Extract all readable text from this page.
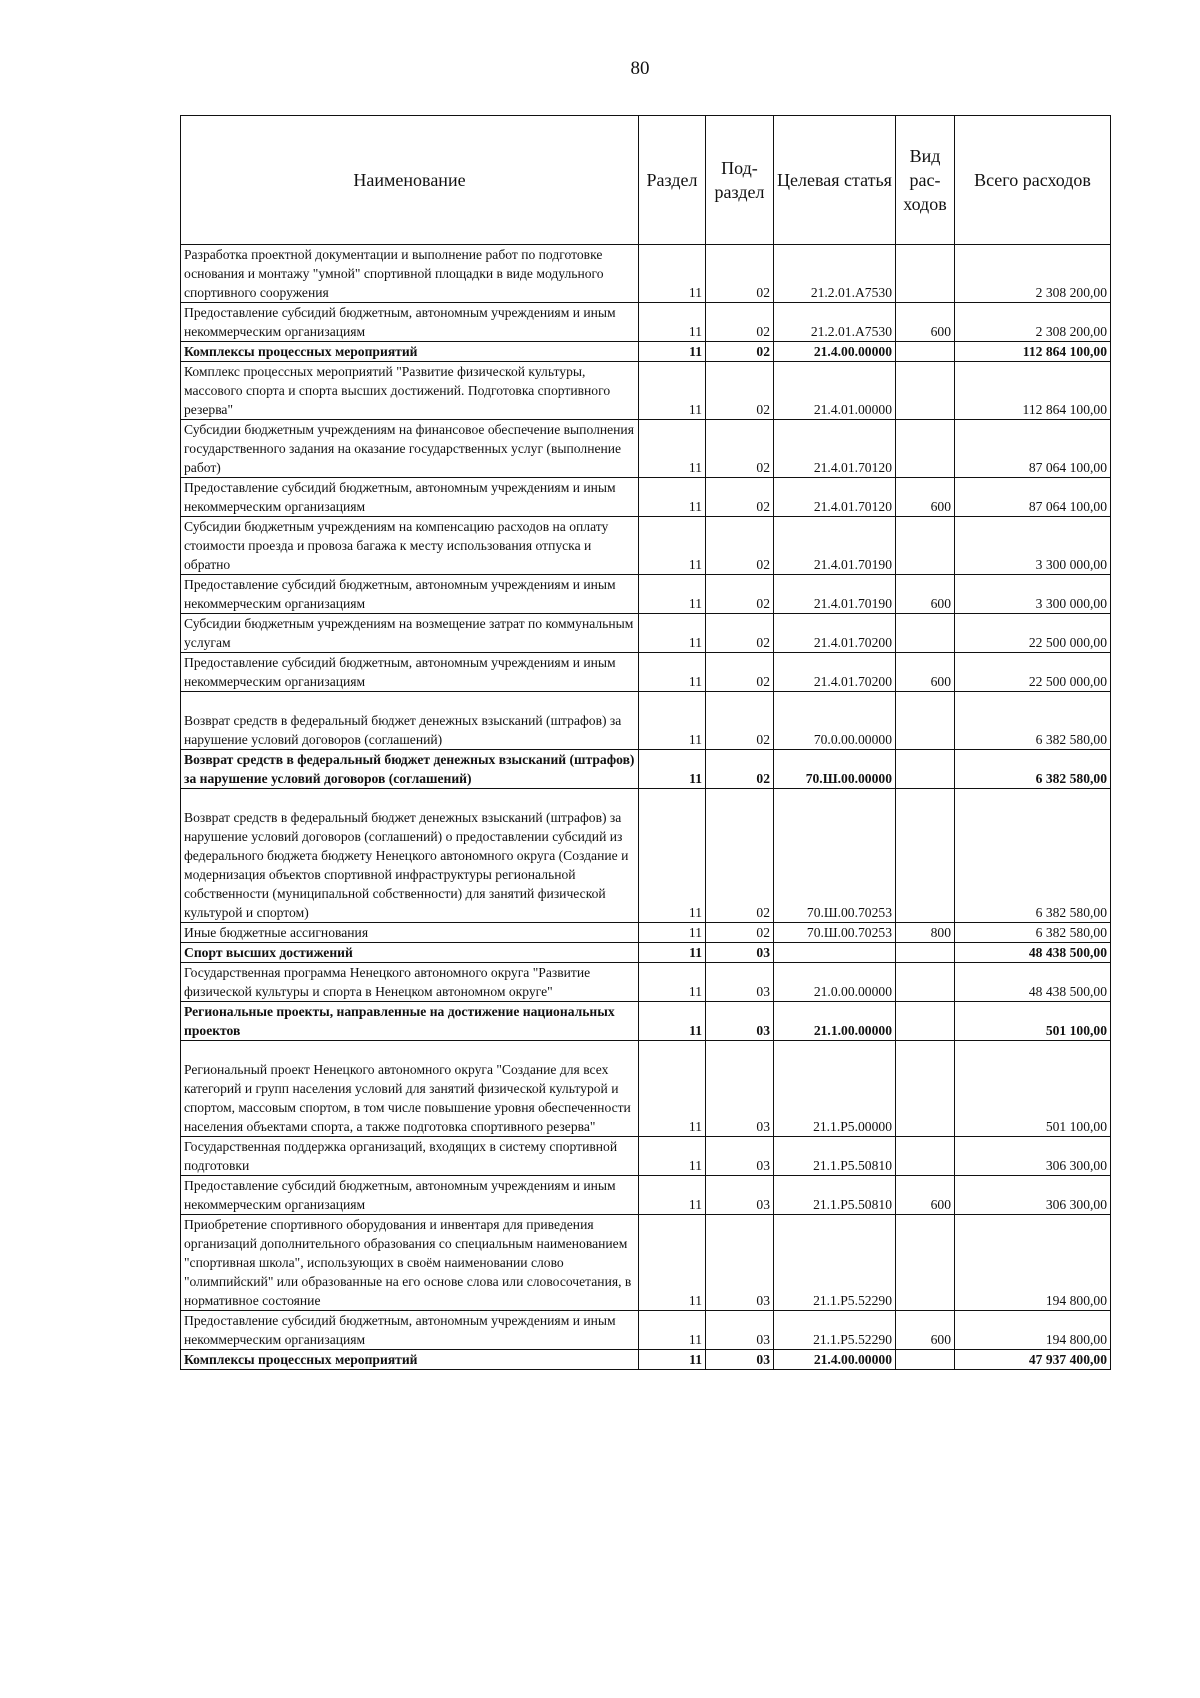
80
Наименование	Раздел	Под-раздел	Целевая статья	Вид рас-ходов	Всего расходов
Разработка проектной документации и выполнение работ по подготовке основания и монтажу "умной" спортивной площадки в виде модульного спортивного сооружения	11	02	21.2.01.А7530		2 308 200,00
Предоставление субсидий бюджетным, автономным учреждениям и иным некоммерческим организациям	11	02	21.2.01.А7530	600	2 308 200,00
Комплексы процессных мероприятий	11	02	21.4.00.00000		112 864 100,00
Комплекс процессных мероприятий "Развитие физической культуры, массового спорта и спорта высших достижений. Подготовка спортивного резерва"	11	02	21.4.01.00000		112 864 100,00
Субсидии бюджетным учреждениям на финансовое обеспечение выполнения государственного задания на оказание государственных услуг (выполнение работ)	11	02	21.4.01.70120		87 064 100,00
Предоставление субсидий бюджетным, автономным учреждениям и иным некоммерческим организациям	11	02	21.4.01.70120	600	87 064 100,00
Субсидии бюджетным учреждениям на компенсацию расходов на оплату стоимости проезда и провоза багажа к месту использования отпуска и обратно	11	02	21.4.01.70190		3 300 000,00
Предоставление субсидий бюджетным, автономным учреждениям и иным некоммерческим организациям	11	02	21.4.01.70190	600	3 300 000,00
Субсидии бюджетным учреждениям на возмещение затрат по коммунальным услугам	11	02	21.4.01.70200		22 500 000,00
Предоставление субсидий бюджетным, автономным учреждениям и иным некоммерческим организациям	11	02	21.4.01.70200	600	22 500 000,00
Возврат средств в федеральный бюджет денежных взысканий (штрафов) за нарушение условий договоров (соглашений)	11	02	70.0.00.00000		6 382 580,00
Возврат средств в федеральный бюджет денежных взысканий (штрафов) за нарушение условий договоров (соглашений)	11	02	70.Ш.00.00000		6 382 580,00
Возврат средств в федеральный бюджет денежных взысканий (штрафов) за нарушение условий договоров (соглашений) о предоставлении субсидий из федерального бюджета бюджету Ненецкого автономного округа (Создание и модернизация объектов спортивной инфраструктуры региональной собственности (муниципальной собственности) для занятий физической культурой и спортом)	11	02	70.Ш.00.70253		6 382 580,00
Иные бюджетные ассигнования	11	02	70.Ш.00.70253	800	6 382 580,00
Спорт высших достижений	11	03			48 438 500,00
Государственная программа Ненецкого автономного округа "Развитие физической культуры и спорта в Ненецком автономном округе"	11	03	21.0.00.00000		48 438 500,00
Региональные проекты, направленные на достижение национальных проектов	11	03	21.1.00.00000		501 100,00
Региональный проект Ненецкого автономного округа "Создание для всех категорий и групп населения условий для занятий физической культурой и спортом, массовым спортом, в том числе повышение уровня обеспеченности населения объектами спорта, а также подготовка спортивного резерва"	11	03	21.1.Р5.00000		501 100,00
Государственная поддержка организаций, входящих в систему спортивной подготовки	11	03	21.1.Р5.50810		306 300,00
Предоставление субсидий бюджетным, автономным учреждениям и иным некоммерческим организациям	11	03	21.1.Р5.50810	600	306 300,00
Приобретение спортивного оборудования и инвентаря для приведения организаций дополнительного образования со специальным наименованием "спортивная школа", использующих в своём наименовании слово "олимпийский" или образованные на его основе слова или словосочетания, в нормативное состояние	11	03	21.1.Р5.52290		194 800,00
Предоставление субсидий бюджетным, автономным учреждениям и иным некоммерческим организациям	11	03	21.1.Р5.52290	600	194 800,00
Комплексы процессных мероприятий	11	03	21.4.00.00000		47 937 400,00
